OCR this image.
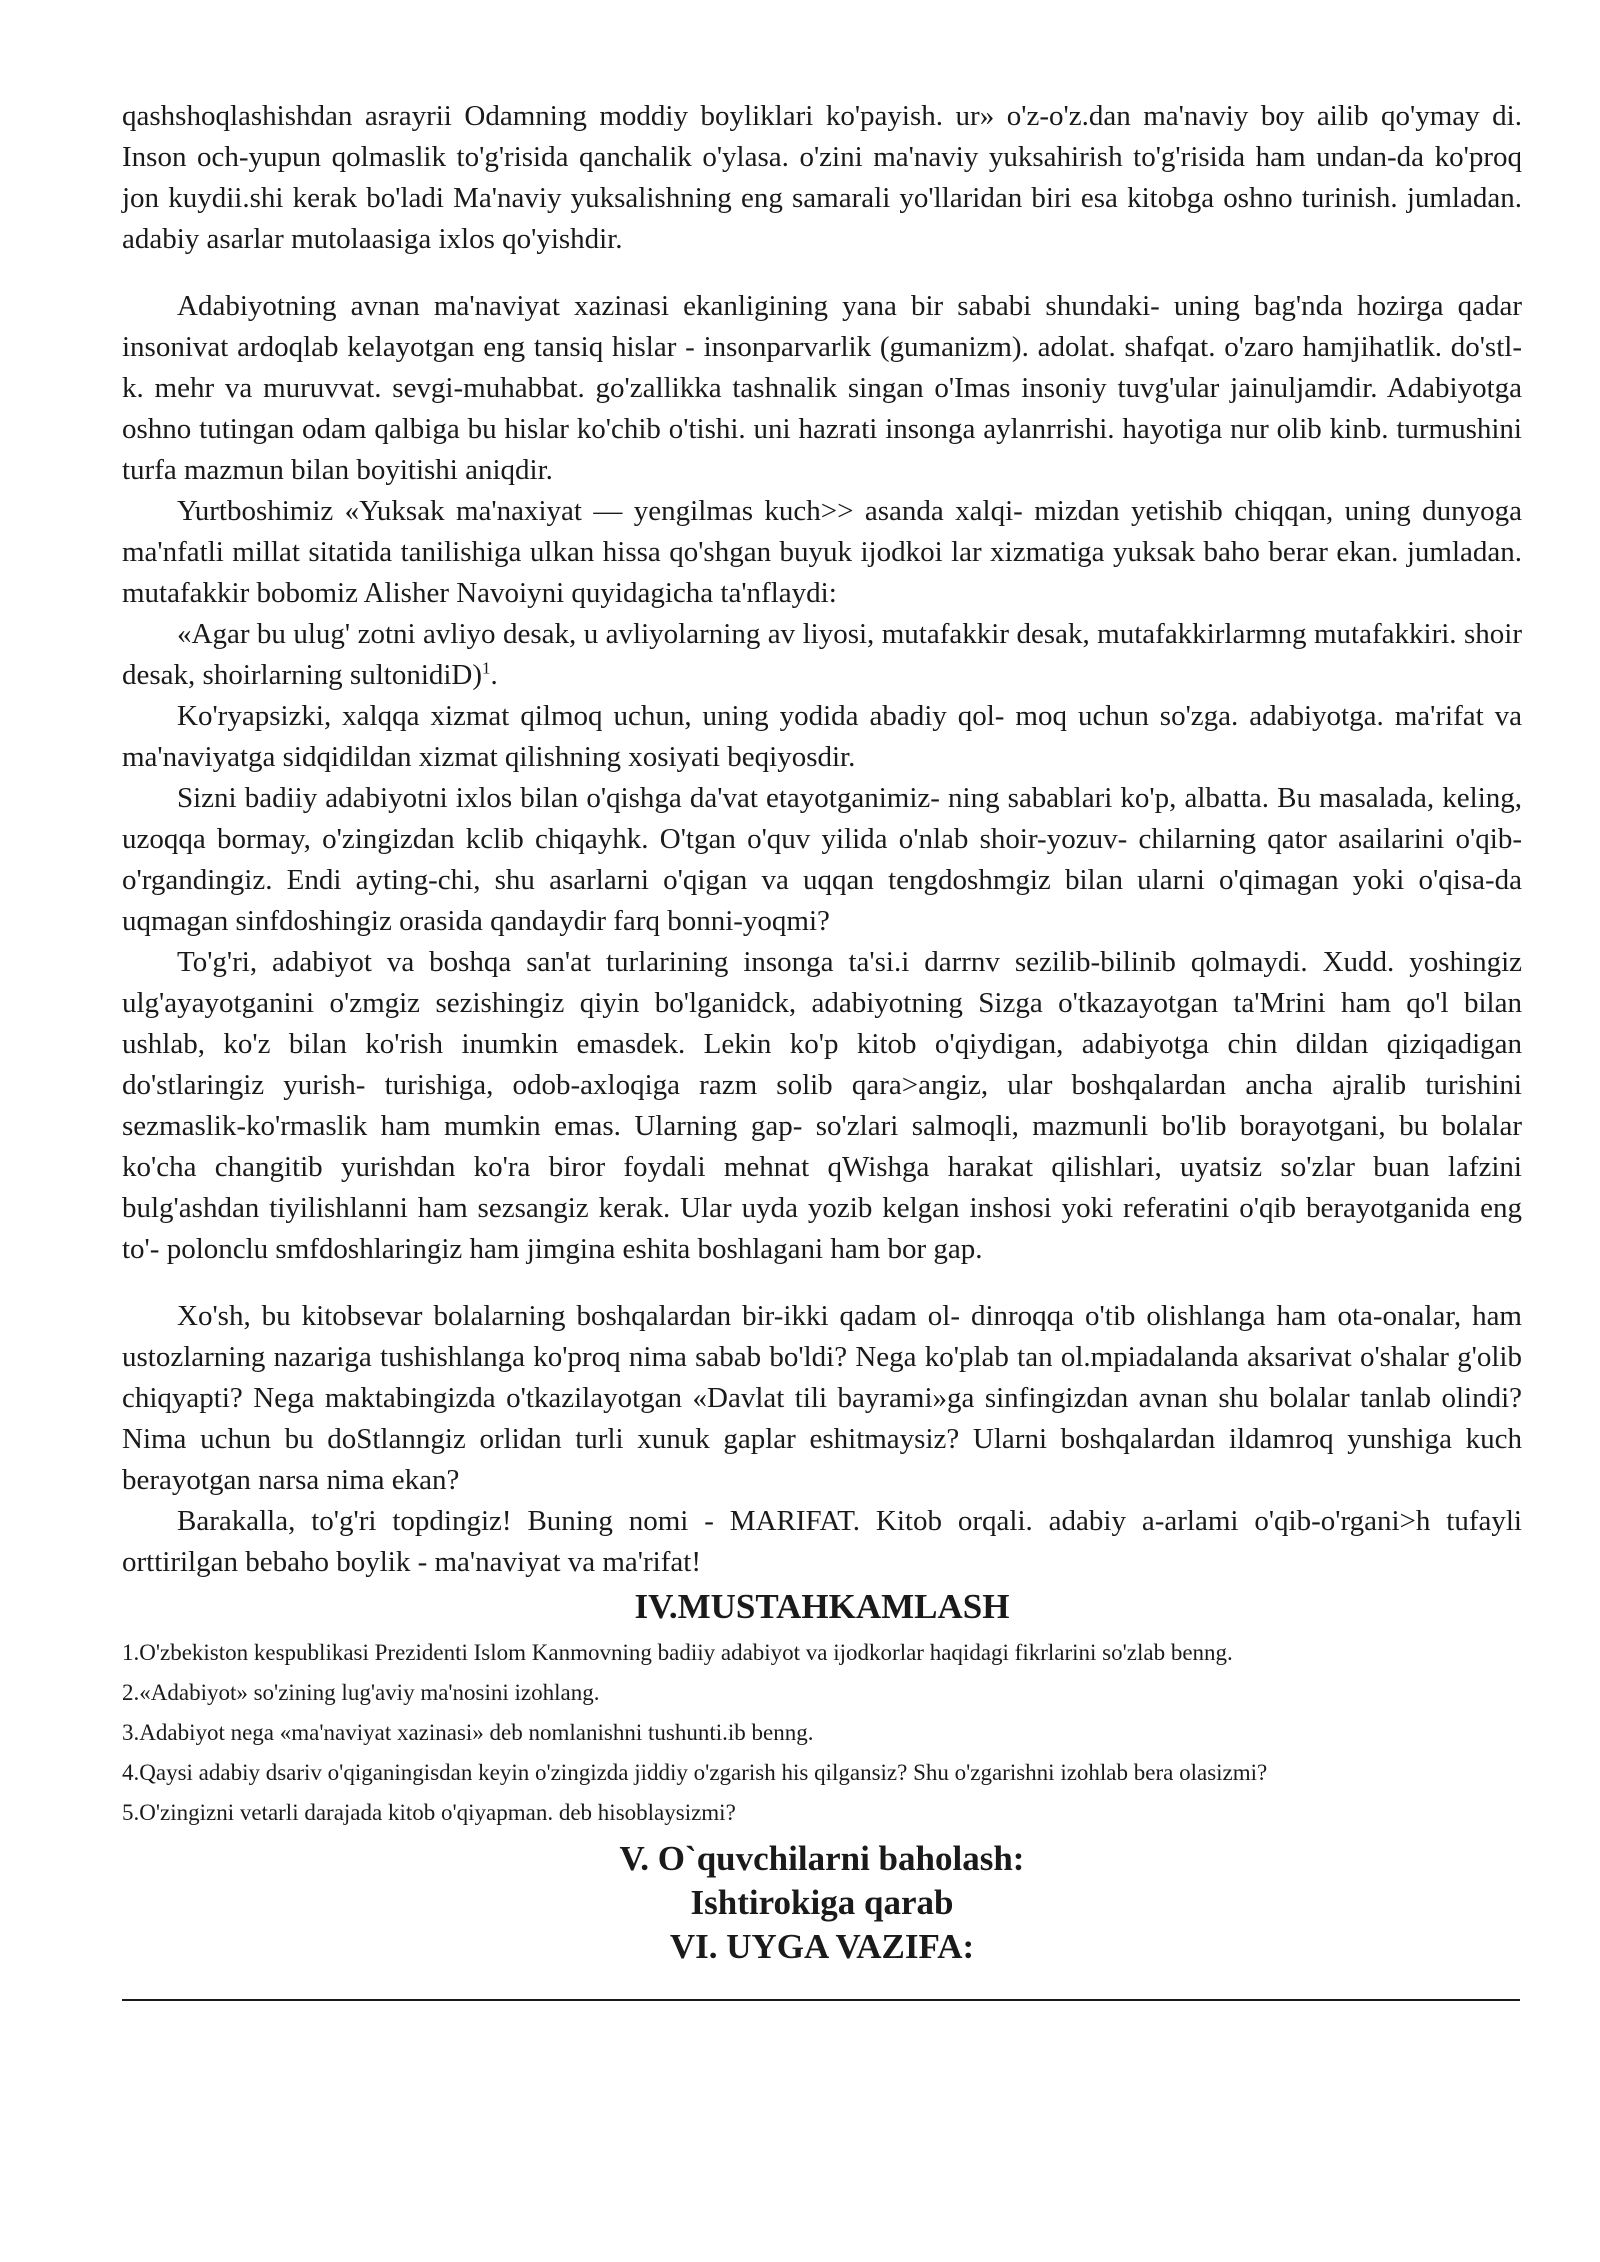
qashshoqlashishdan asrayrii Odamning moddiy boyliklari ko'payish. ur» o'z-o'z.dan ma'naviy boy ailib qo'ymay di. Inson och-yupun qolmaslik to'g'risida qanchalik o'ylasa. o'zini ma'naviy yuksahirish to'g'risida ham undan-da ko'proq jon kuydii.shi kerak bo'ladi Ma'naviy yuksalishning eng samarali yo'llaridan biri esa kitobga oshno turinish. jumladan. adabiy asarlar mutolaasiga ixlos qo'yishdir.

Adabiyotning avnan ma'naviyat xazinasi ekanligining yana bir sababi shundaki- uning bag'nda hozirga qadar insonivat ardoqlab kelayotgan eng tansiq hislar - insonparvarlik (gumanizm). adolat. shafqat. o'zaro hamjihatlik. do'stl-k. mehr va muruvvat. sevgi-muhabbat. go'zallikka tashnalik singan o'Imas insoniy tuvg'ular jainuljamdir. Adabiyotga oshno tutingan odam qalbiga bu hislar ko'chib o'tishi. uni hazrati insonga aylanrrishi. hayotiga nur olib kinb. turmushini turfa mazmun bilan boyitishi aniqdir.

Yurtboshimiz «Yuksak ma'naxiyat — yengilmas kuch>> asanda xalqi- mizdan yetishib chiqqan, uning dunyoga ma'nfatli millat sitatida tanilishiga ulkan hissa qo'shgan buyuk ijodkoi lar xizmatiga yuksak baho berar ekan. jumladan. mutafakkir bobomiz Alisher Navoiyni quyidagicha ta'nflaydi:

«Agar bu ulug' zotni avliyo desak, u avliyolarning av liyosi, mutafakkir desak, mutafakkirlarmng mutafakkiri. shoir desak, shoirlarning sultonidiD)$^1$.

Ko'ryapsizki, xalqqa xizmat qilmoq uchun, uning yodida abadiy qol- moq uchun so'zga. adabiyotga. ma'rifat va ma'naviyatga sidqidildan xizmat qilishning xosiyati beqiyosdir.

Sizni badiiy adabiyotni ixlos bilan o'qishga da'vat etayotganimiz- ning sabablari ko'p, albatta. Bu masalada, keling, uzoqqa bormay, o'zingizdan kclib chiqayhk. O'tgan o'quv yilida o'nlab shoir-yozuv- chilarning qator asailarini o'qib-o'rgandingiz. Endi ayting-chi, shu asarlarni o'qigan va uqqan tengdoshmgiz bilan ularni o'qimagan yoki o'qisa-da uqmagan sinfdoshingiz orasida qandaydir farq bonni-yoqmi?

To'g'ri, adabiyot va boshqa san'at turlarining insonga ta'si.i darrnv sezilib-bilinib qolmaydi. Xudd. yoshingiz ulg'ayayotganini o'zmgiz sezishingiz qiyin bo'lganidck, adabiyotning Sizga o'tkazayotgan ta'Mrini ham qo'l bilan ushlab, ko'z bilan ko'rish inumkin emasdek. Lekin ko'p kitob o'qiydigan, adabiyotga chin dildan qiziqadigan do'stlaringiz yurish- turishiga, odob-axloqiga razm solib qara>angiz, ular boshqalardan ancha ajralib turishini sezmaslik-ko'rmaslik ham mumkin emas. Ularning gap- so'zlari salmoqli, mazmunli bo'lib borayotgani, bu bolalar ko'cha changitib yurishdan ko'ra biror foydali mehnat qWishga harakat qilishlari, uyatsiz so'zlar buan lafzini bulg'ashdan tiyilishlanni ham sezsangiz kerak. Ular uyda yozib kelgan inshosi yoki referatini o'qib berayotganida eng to'- polonclu smfdoshlaringiz ham jimgina eshita boshlagani ham bor gap.

Xo'sh, bu kitobsevar bolalarning boshqalardan bir-ikki qadam ol- dinroqqa o'tib olishlanga ham ota-onalar, ham ustozlarning nazariga tushishlanga ko'proq nima sabab bo'ldi? Nega ko'plab tan ol.mpiadalanda aksarivat o'shalar g'olib chiqyapti? Nega maktabingizda o'tkazilayotgan «Davlat tili bayrami»ga sinfingizdan avnan shu bolalar tanlab olindi? Nima uchun bu doStlanngiz orlidan turli xunuk gaplar eshitmaysiz? Ularni boshqalardan ildamroq yunshiga kuch berayotgan narsa nima ekan?

Barakalla, to'g'ri topdingiz! Buning nomi - MARIFAT. Kitob orqali. adabiy a-arlami o'qib-o'rgani>h tufayli orttirilgan bebaho boylik - ma'naviyat va ma'rifat!

IV.MUSTAHKAMLASH
1.O'zbekiston kespublikasi Prezidenti Islom Kanmovning badiiy adabiyot va ijodkorlar haqidagi fikrlarini so'zlab benng.
2.«Adabiyot» so'zining lug'aviy ma'nosini izohlang.
3.Adabiyot nega «ma'naviyat xazinasi» deb nomlanishni tushunti.ib benng.
4.Qaysi adabiy dsariv o'qiganingisdan keyin o'zingizda jiddiy o'zgarish his qilgansiz? Shu o'zgarishni izohlab bera olasizmi?
5.O'zingizni vetarli darajada kitob o'qiyapman. deb hisoblaysizmi?
V. O`quvchilarni baholash:
Ishtirokiga qarab
VI. UYGA VAZIFA:
